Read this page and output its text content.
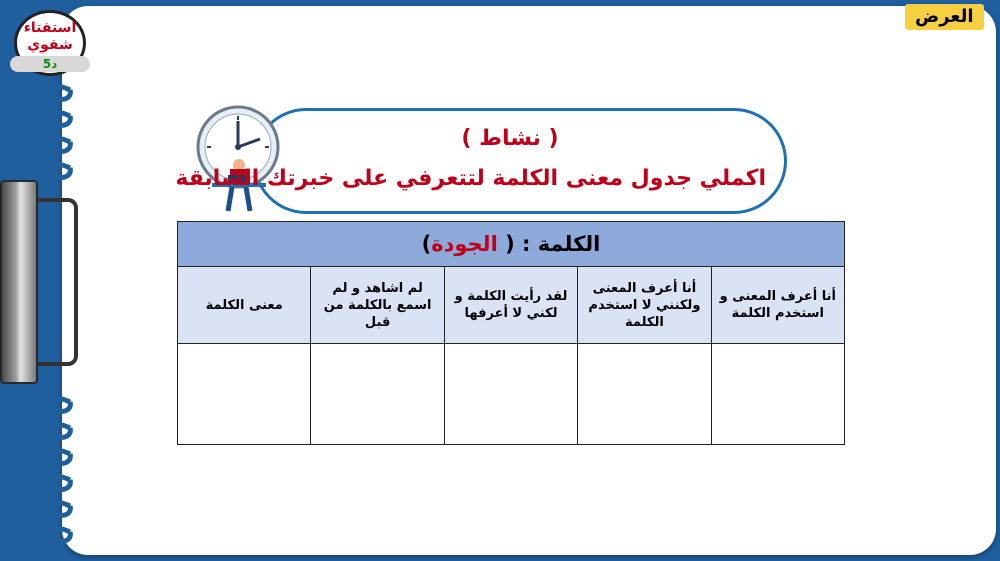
العرض
استفتاء
شفوي
5د
( نشاط )
اكملي جدول معنى الكلمة لتتعرفي على خبرتك السابقة
الكلمة : ( الجودة)				
أنا أعرف المعنى و استخدم الكلمة	أنا أعرف المعنى ولكنني لا استخدم الكلمة	لقد رأيت الكلمة و لكني لا أعرفها	لم اشاهد و لم اسمع بالكلمة من قبل	معنى الكلمة
